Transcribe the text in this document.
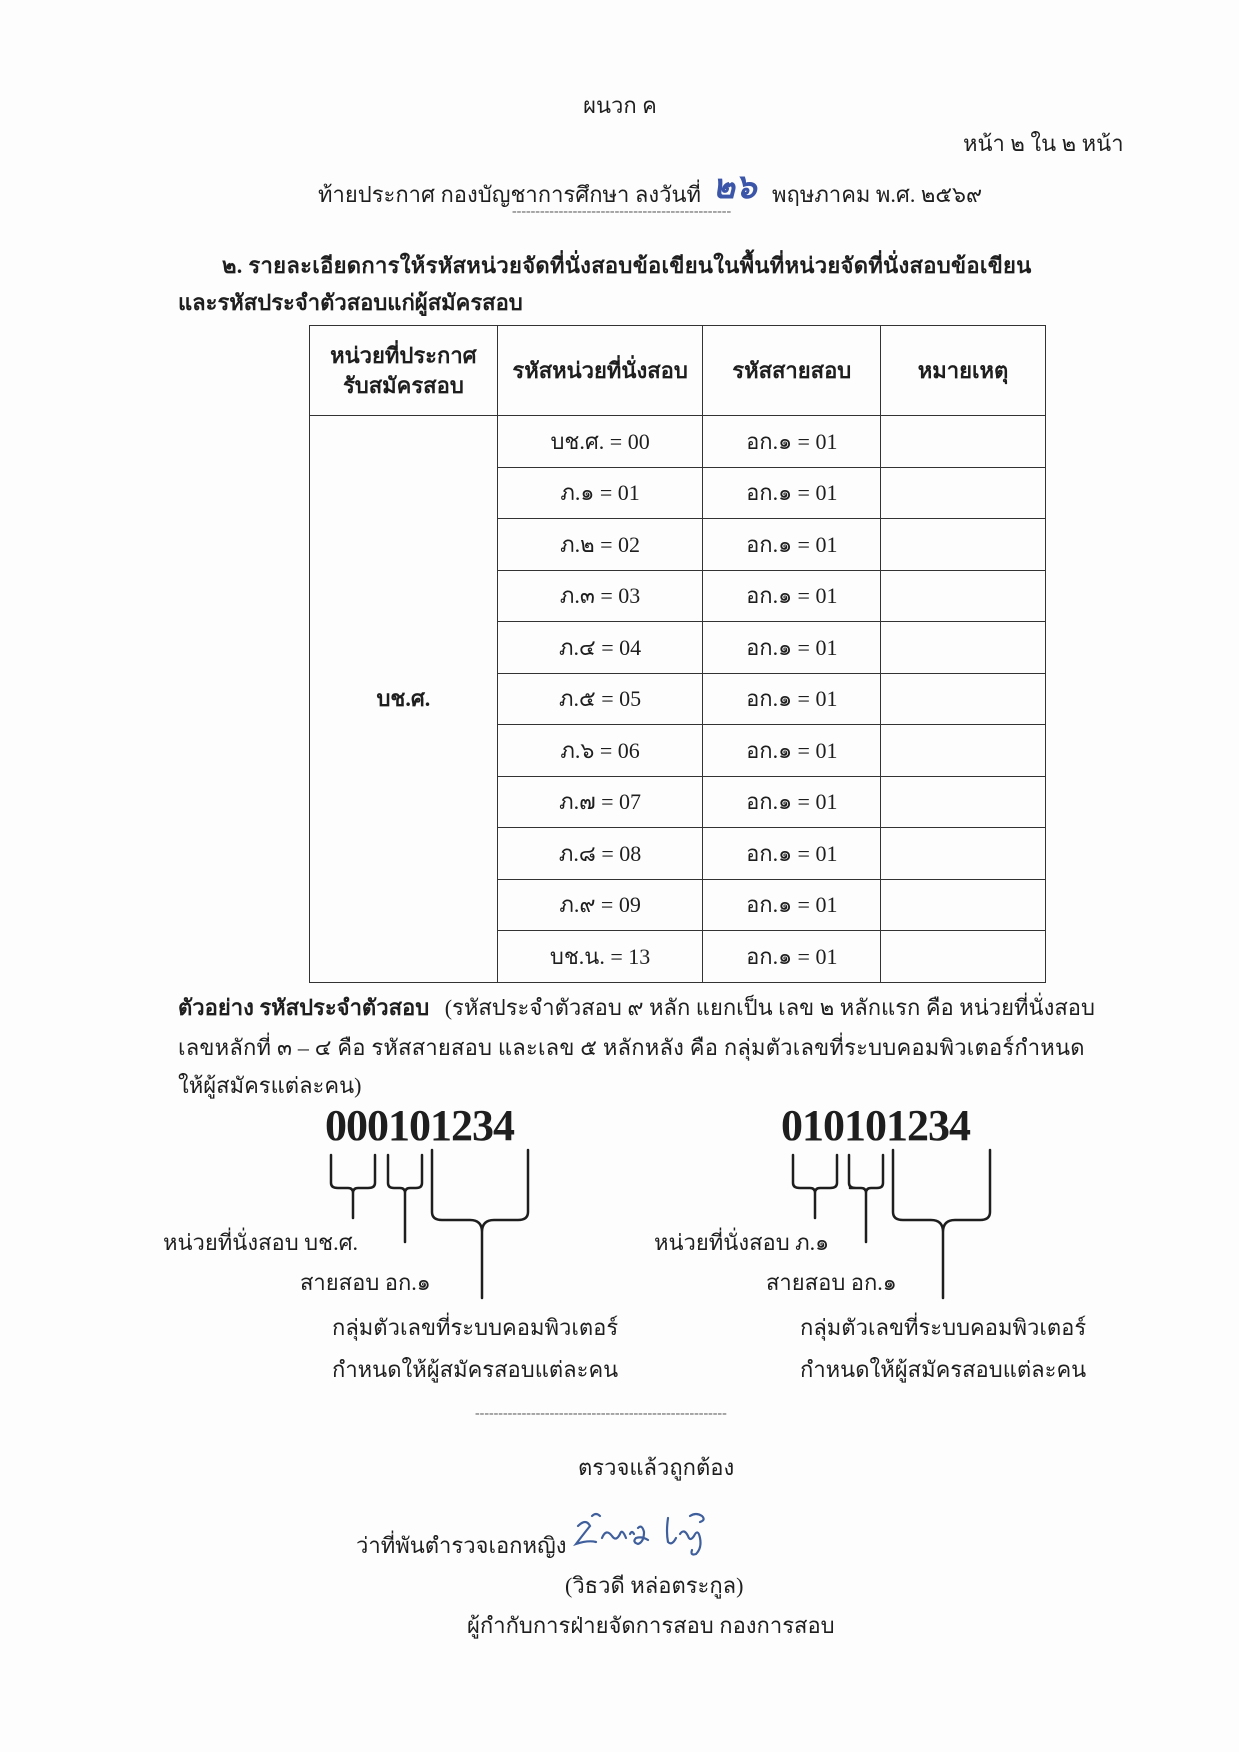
ผนวก ค
หน้า ๒ ใน ๒ หน้า
ท้ายประกาศ กองบัญชาการศึกษา ลงวันที่ ๒๖ พฤษภาคม พ.ศ. ๒๕๖๙
-----------------------------------------------
๒. รายละเอียดการให้รหัสหน่วยจัดที่นั่งสอบข้อเขียนในพื้นที่หน่วยจัดที่นั่งสอบข้อเขียน
และรหัสประจำตัวสอบแก่ผู้สมัครสอบ
หน่วยที่ประกาศ
รับสมัครสอบ	รหัสหน่วยที่นั่งสอบ	รหัสสายสอบ	หมายเหตุ
บช.ศ.	บช.ศ. = 00	อก.๑ = 01	
	ภ.๑ = 01	อก.๑ = 01	
	ภ.๒ = 02	อก.๑ = 01	
	ภ.๓ = 03	อก.๑ = 01	
	ภ.๔ = 04	อก.๑ = 01	
	ภ.๕ = 05	อก.๑ = 01	
	ภ.๖ = 06	อก.๑ = 01	
	ภ.๗ = 07	อก.๑ = 01	
	ภ.๘ = 08	อก.๑ = 01	
	ภ.๙ = 09	อก.๑ = 01	
	บช.น. = 13	อก.๑ = 01	
ตัวอย่าง รหัสประจำตัวสอบ (รหัสประจำตัวสอบ ๙ หลัก แยกเป็น เลข ๒ หลักแรก คือ หน่วยที่นั่งสอบ
เลขหลักที่ ๓ – ๔ คือ รหัสสายสอบ และเลข ๕ หลักหลัง คือ กลุ่มตัวเลขที่ระบบคอมพิวเตอร์กำหนด
ให้ผู้สมัครแต่ละคน)
000101234	010101234
หน่วยที่นั่งสอบ บช.ศ.
สายสอบ อก.๑
กลุ่มตัวเลขที่ระบบคอมพิวเตอร์
กำหนดให้ผู้สมัครสอบแต่ละคน
หน่วยที่นั่งสอบ ภ.๑
สายสอบ อก.๑
กลุ่มตัวเลขที่ระบบคอมพิวเตอร์
กำหนดให้ผู้สมัครสอบแต่ละคน
------------------------------------------------------
ตรวจแล้วถูกต้อง
ว่าที่พันตำรวจเอกหญิง
(วิธวดี หล่อตระกูล)
ผู้กำกับการฝ่ายจัดการสอบ กองการสอบ
